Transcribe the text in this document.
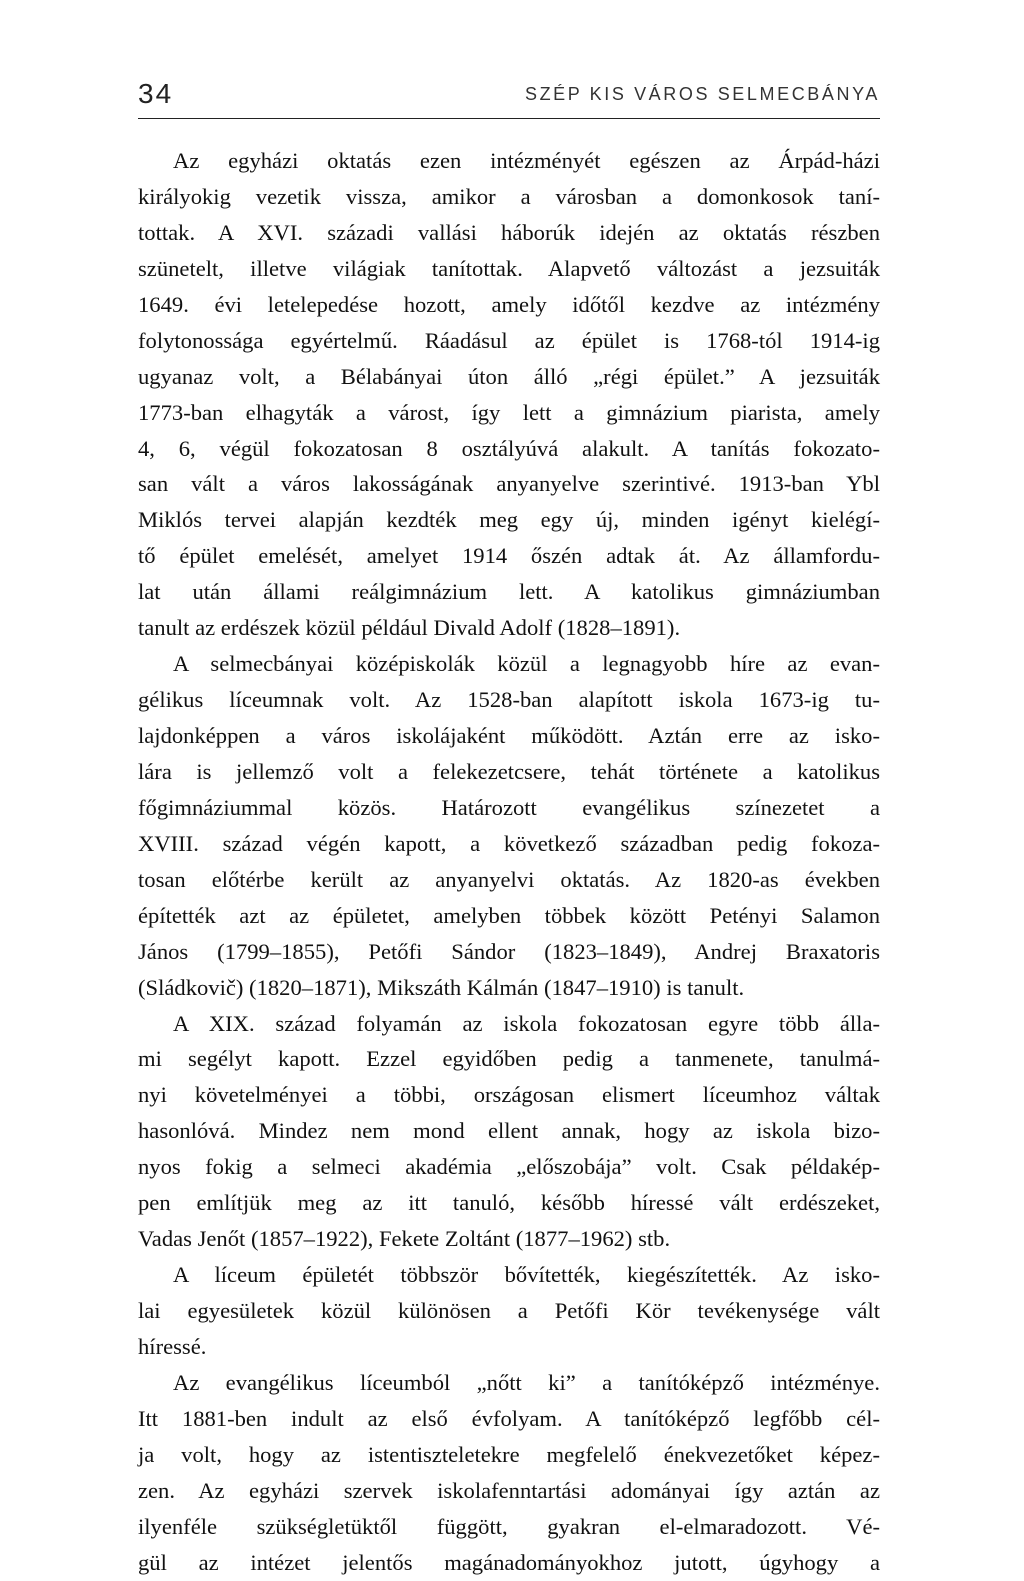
34	SZÉP KIS VÁROS SELMECBÁNYA
Az egyházi oktatás ezen intézményét egészen az Árpád-házi
királyokig vezetik vissza, amikor a városban a domonkosok taní-
tottak. A XVI. századi vallási háborúk idején az oktatás részben
szünetelt, illetve világiak tanítottak. Alapvető változást a jezsuiták
1649. évi letelepedése hozott, amely időtől kezdve az intézmény
folytonossága egyértelmű. Ráadásul az épület is 1768-tól 1914-ig
ugyanaz volt, a Bélabányai úton álló „régi épület.” A jezsuiták
1773-ban elhagyták a várost, így lett a gimnázium piarista, amely
4, 6, végül fokozatosan 8 osztályúvá alakult. A tanítás fokozato-
san vált a város lakosságának anyanyelve szerintivé. 1913-ban Ybl
Miklós tervei alapján kezdték meg egy új, minden igényt kielégí-
tő épület emelését, amelyet 1914 őszén adtak át. Az államfordu-
lat után állami reálgimnázium lett. A katolikus gimnáziumban
tanult az erdészek közül például Divald Adolf (1828–1891).
A selmecbányai középiskolák közül a legnagyobb híre az evan-
gélikus líceumnak volt. Az 1528-ban alapított iskola 1673-ig tu-
lajdonképpen a város iskolájaként működött. Aztán erre az isko-
lára is jellemző volt a felekezetcsere, tehát története a katolikus
főgimnáziummal közös. Határozott evangélikus színezetet a
XVIII. század végén kapott, a következő században pedig fokoza-
tosan előtérbe került az anyanyelvi oktatás. Az 1820-as években
építették azt az épületet, amelyben többek között Petényi Salamon
János (1799–1855), Petőfi Sándor (1823–1849), Andrej Braxatoris
(Sládkovič) (1820–1871), Mikszáth Kálmán (1847–1910) is tanult.
A XIX. század folyamán az iskola fokozatosan egyre több álla-
mi segélyt kapott. Ezzel egyidőben pedig a tanmenete, tanulmá-
nyi követelményei a többi, országosan elismert líceumhoz váltak
hasonlóvá. Mindez nem mond ellent annak, hogy az iskola bizo-
nyos fokig a selmeci akadémia „előszobája” volt. Csak példakép-
pen említjük meg az itt tanuló, később híressé vált erdészeket,
Vadas Jenőt (1857–1922), Fekete Zoltánt (1877–1962) stb.
A líceum épületét többször bővítették, kiegészítették. Az isko-
lai egyesületek közül különösen a Petőfi Kör tevékenysége vált
híressé.
Az evangélikus líceumból „nőtt ki” a tanítóképző intézménye.
Itt 1881-ben indult az első évfolyam. A tanítóképző legfőbb cél-
ja volt, hogy az istentiszteletekre megfelelő énekvezetőket képez-
zen. Az egyházi szervek iskolafenntartási adományai így aztán az
ilyenféle szükségletüktől függött, gyakran el-elmaradozott. Vé-
gül az intézet jelentős magánadományokhoz jutott, úgyhogy a
